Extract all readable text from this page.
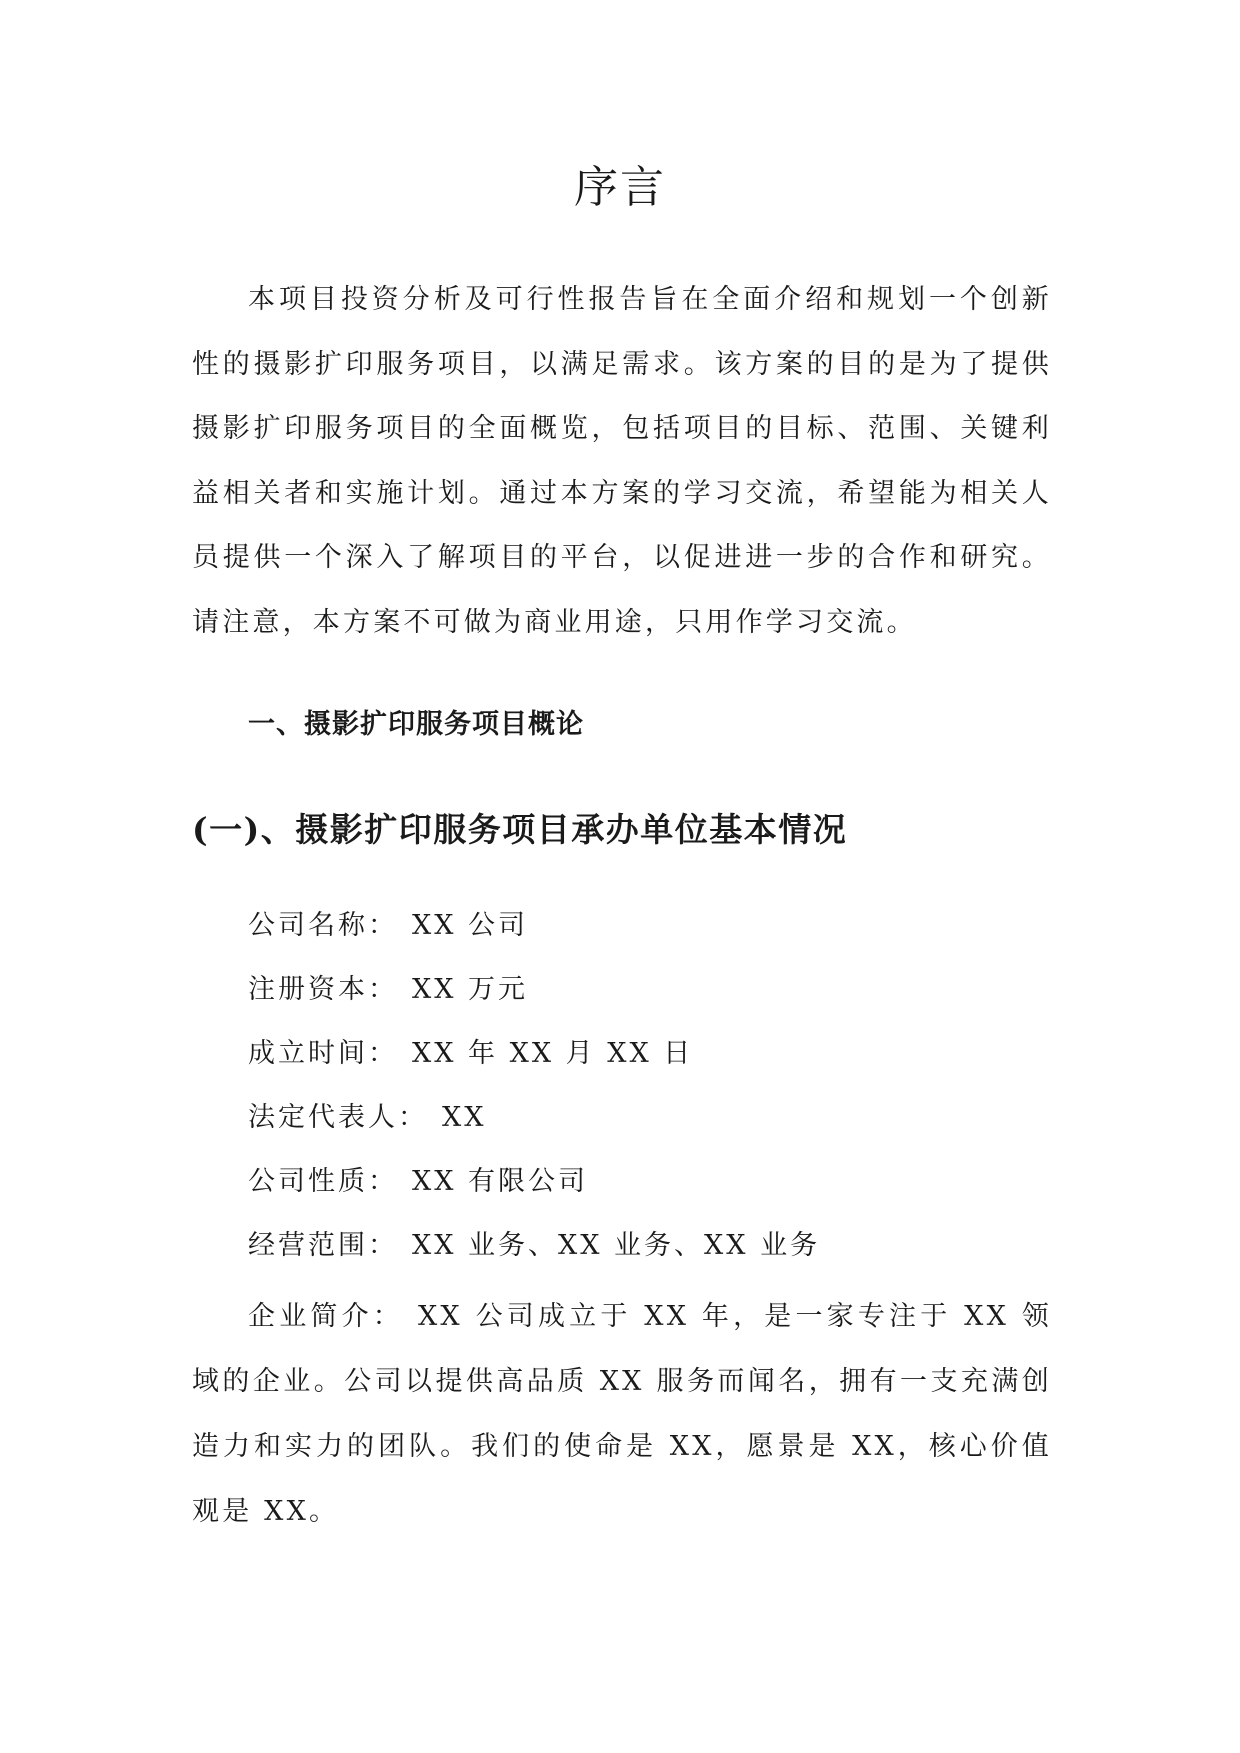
序言

本项目投资分析及可行性报告旨在全面介绍和规划一个创新性的摄影扩印服务项目，以满足需求。该方案的目的是为了提供摄影扩印服务项目的全面概览，包括项目的目标、范围、关键利益相关者和实施计划。通过本方案的学习交流，希望能为相关人员提供一个深入了解项目的平台，以促进进一步的合作和研究。请注意，本方案不可做为商业用途，只用作学习交流。

一、摄影扩印服务项目概论
(一)、摄影扩印服务项目承办单位基本情况
公司名称： XX 公司
注册资本： XX 万元
成立时间： XX 年 XX 月 XX 日
法定代表人： XX
公司性质： XX 有限公司
经营范围： XX 业务、XX 业务、XX 业务

企业简介： XX 公司成立于 XX 年，是一家专注于 XX 领域的企业。公司以提供高品质 XX 服务而闻名，拥有一支充满创造力和实力的团队。我们的使命是 XX，愿景是 XX，核心价值观是 XX。
